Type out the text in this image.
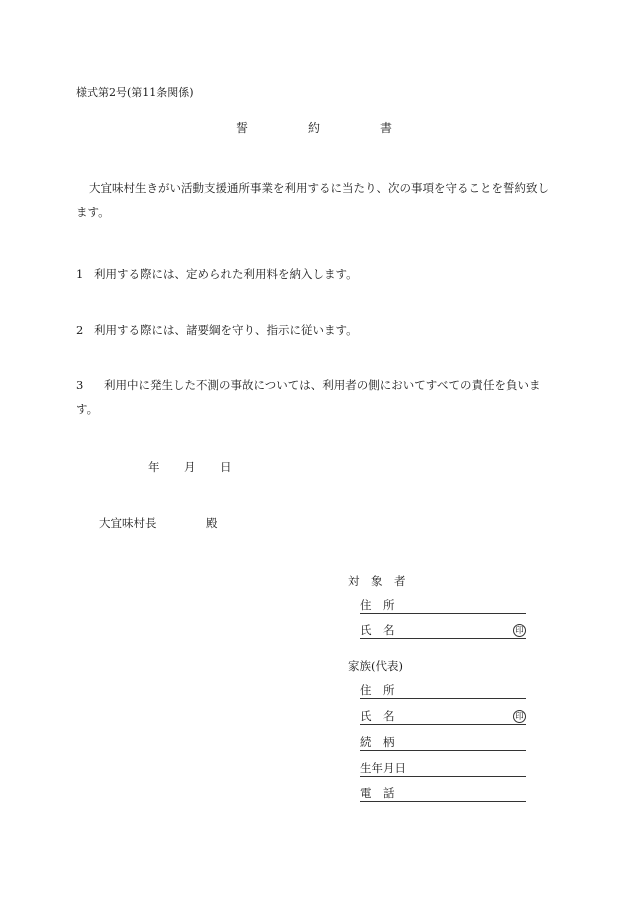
様式第2号(第11条関係)
誓	約	書
大宜味村生きがい活動支援通所事業を利用するに当たり、次の事項を守ることを誓約致します。
1 利用する際には、定められた利用料を納入します。
2 利用する際には、諸要綱を守り、指示に従います。
3 利用中に発生した不測の事故については、利用者の側においてすべての責任を負います。
年 月 日
大宜味村長	殿
対　象　者
住　所
氏　名	印
家族(代表)
住　所
氏　名	印
続　柄
生年月日
電　話
